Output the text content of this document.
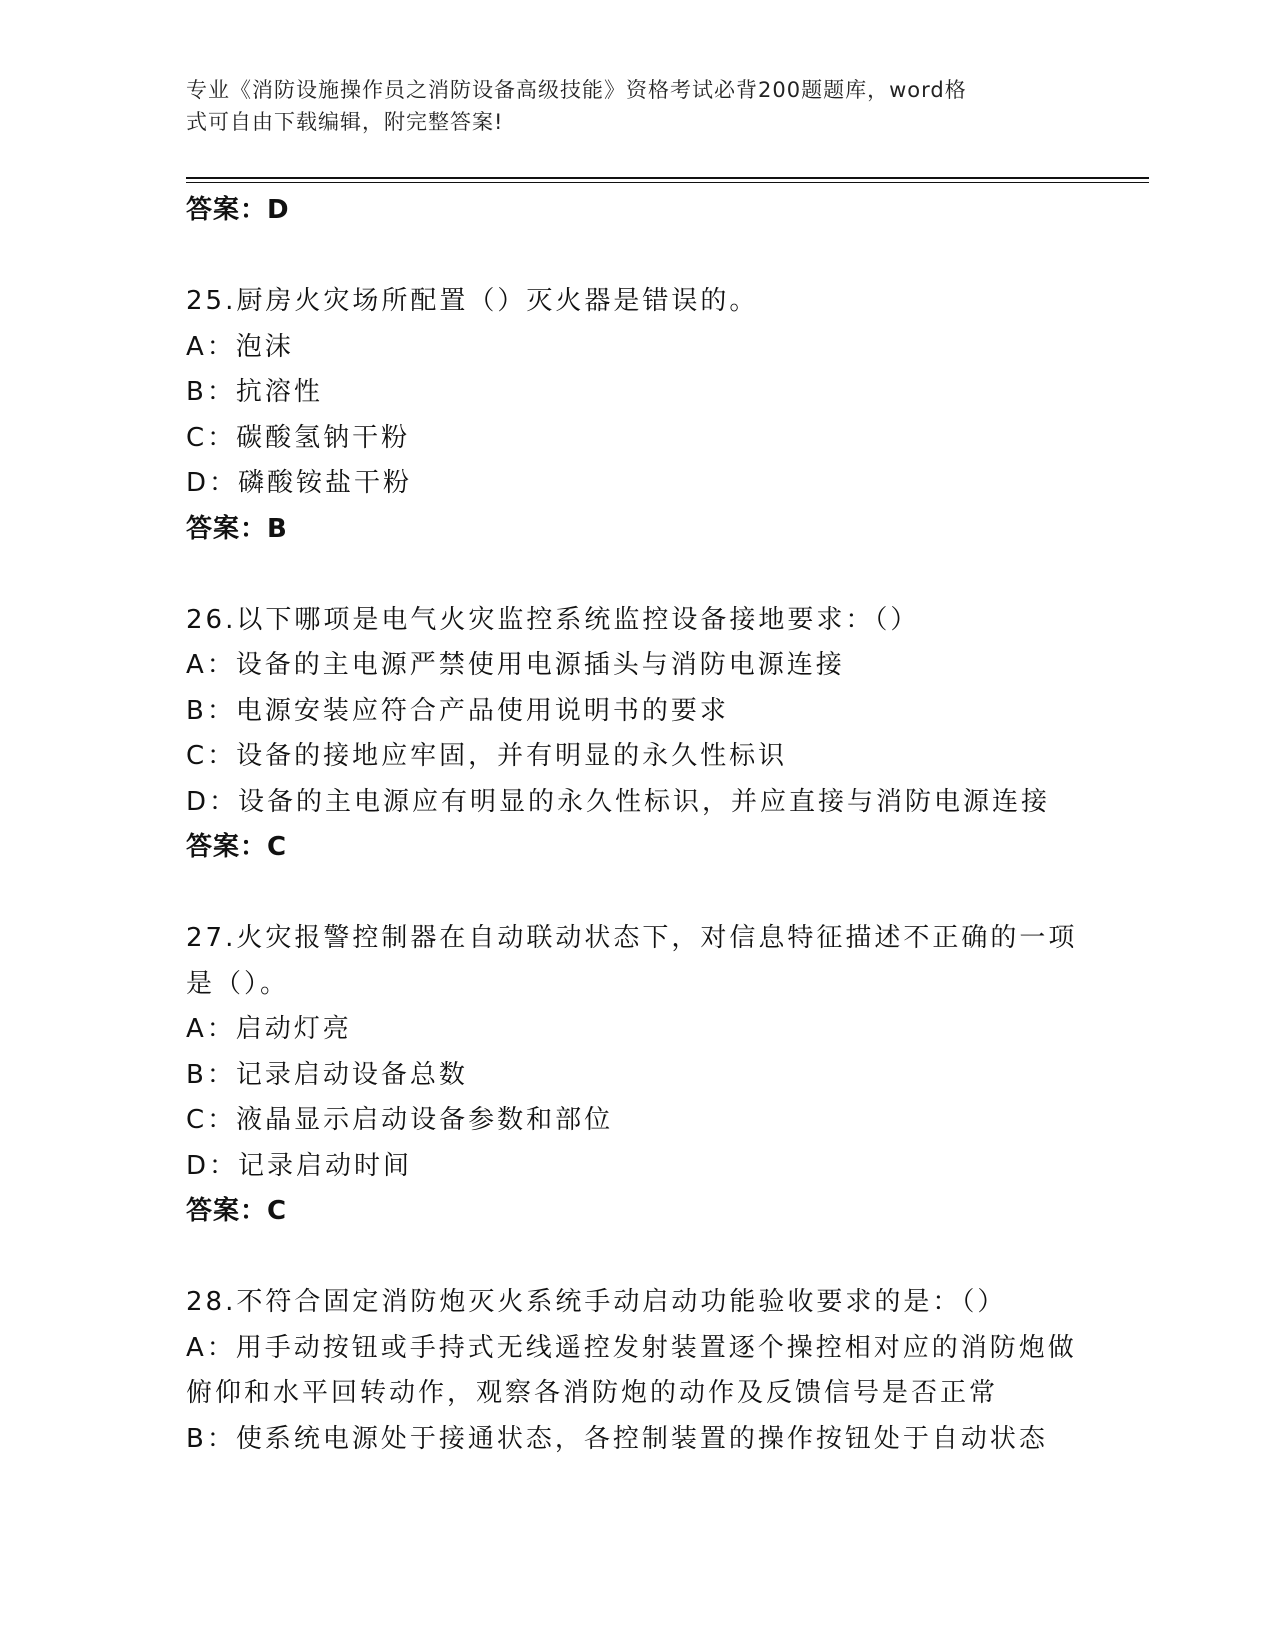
专业《消防设施操作员之消防设备高级技能》资格考试必背200题题库，word格
式可自由下载编辑，附完整答案!
答案：D
25.厨房火灾场所配置（）灭火器是错误的。
A：泡沫
B：抗溶性
C：碳酸氢钠干粉
D：磷酸铵盐干粉
答案：B
26.以下哪项是电气火灾监控系统监控设备接地要求：（）
A：设备的主电源严禁使用电源插头与消防电源连接
B：电源安装应符合产品使用说明书的要求
C：设备的接地应牢固，并有明显的永久性标识
D：设备的主电源应有明显的永久性标识，并应直接与消防电源连接
答案：C
27.火灾报警控制器在自动联动状态下，对信息特征描述不正确的一项
是（）。
A：启动灯亮
B：记录启动设备总数
C：液晶显示启动设备参数和部位
D：记录启动时间
答案：C
28.不符合固定消防炮灭火系统手动启动功能验收要求的是：（）
A：用手动按钮或手持式无线遥控发射装置逐个操控相对应的消防炮做
俯仰和水平回转动作，观察各消防炮的动作及反馈信号是否正常
B：使系统电源处于接通状态，各控制装置的操作按钮处于自动状态
